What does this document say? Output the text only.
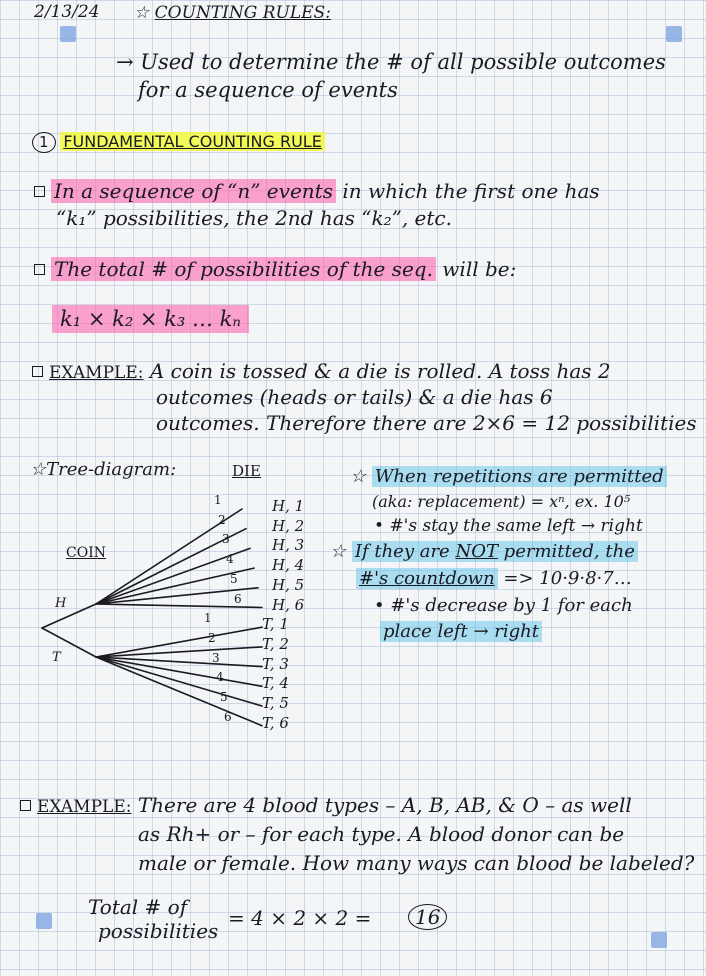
2/13/24 ☆ COUNTING RULES:
→ Used to determine the # of all possible outcomes
for a sequence of events
1 FUNDAMENTAL COUNTING RULE
In a sequence of “n” events in which the first one has
“k₁” possibilities, the 2nd has “k₂”, etc.
The total # of possibilities of the seq. will be:
k₁ × k₂ × k₃ … kₙ
EXAMPLE: A coin is tossed & a die is rolled. A toss has 2
outcomes (heads or tails) & a die has 6
outcomes. Therefore there are 2×6 = 12 possibilities
☆Tree-diagram:	DIE
COIN
H
T
1
2
3
4
5
6
1
2
3
4
5
6
H, 1
H, 2
H, 3
H, 4
H, 5
H, 6
T, 1
T, 2
T, 3
T, 4
T, 5
T, 6
☆ When repetitions are permitted
(aka: replacement) = xⁿ, ex. 10⁵
• #'s stay the same left → right
☆ If they are NOT permitted, the
#'s countdown => 10·9·8·7…
• #'s decrease by 1 for each
place left → right
EXAMPLE: There are 4 blood types – A, B, AB, & O – as well
as Rh+ or – for each type. A blood donor can be
male or female. How many ways can blood be labeled?
Total # of
possibilities
= 4 × 2 × 2 =	16
